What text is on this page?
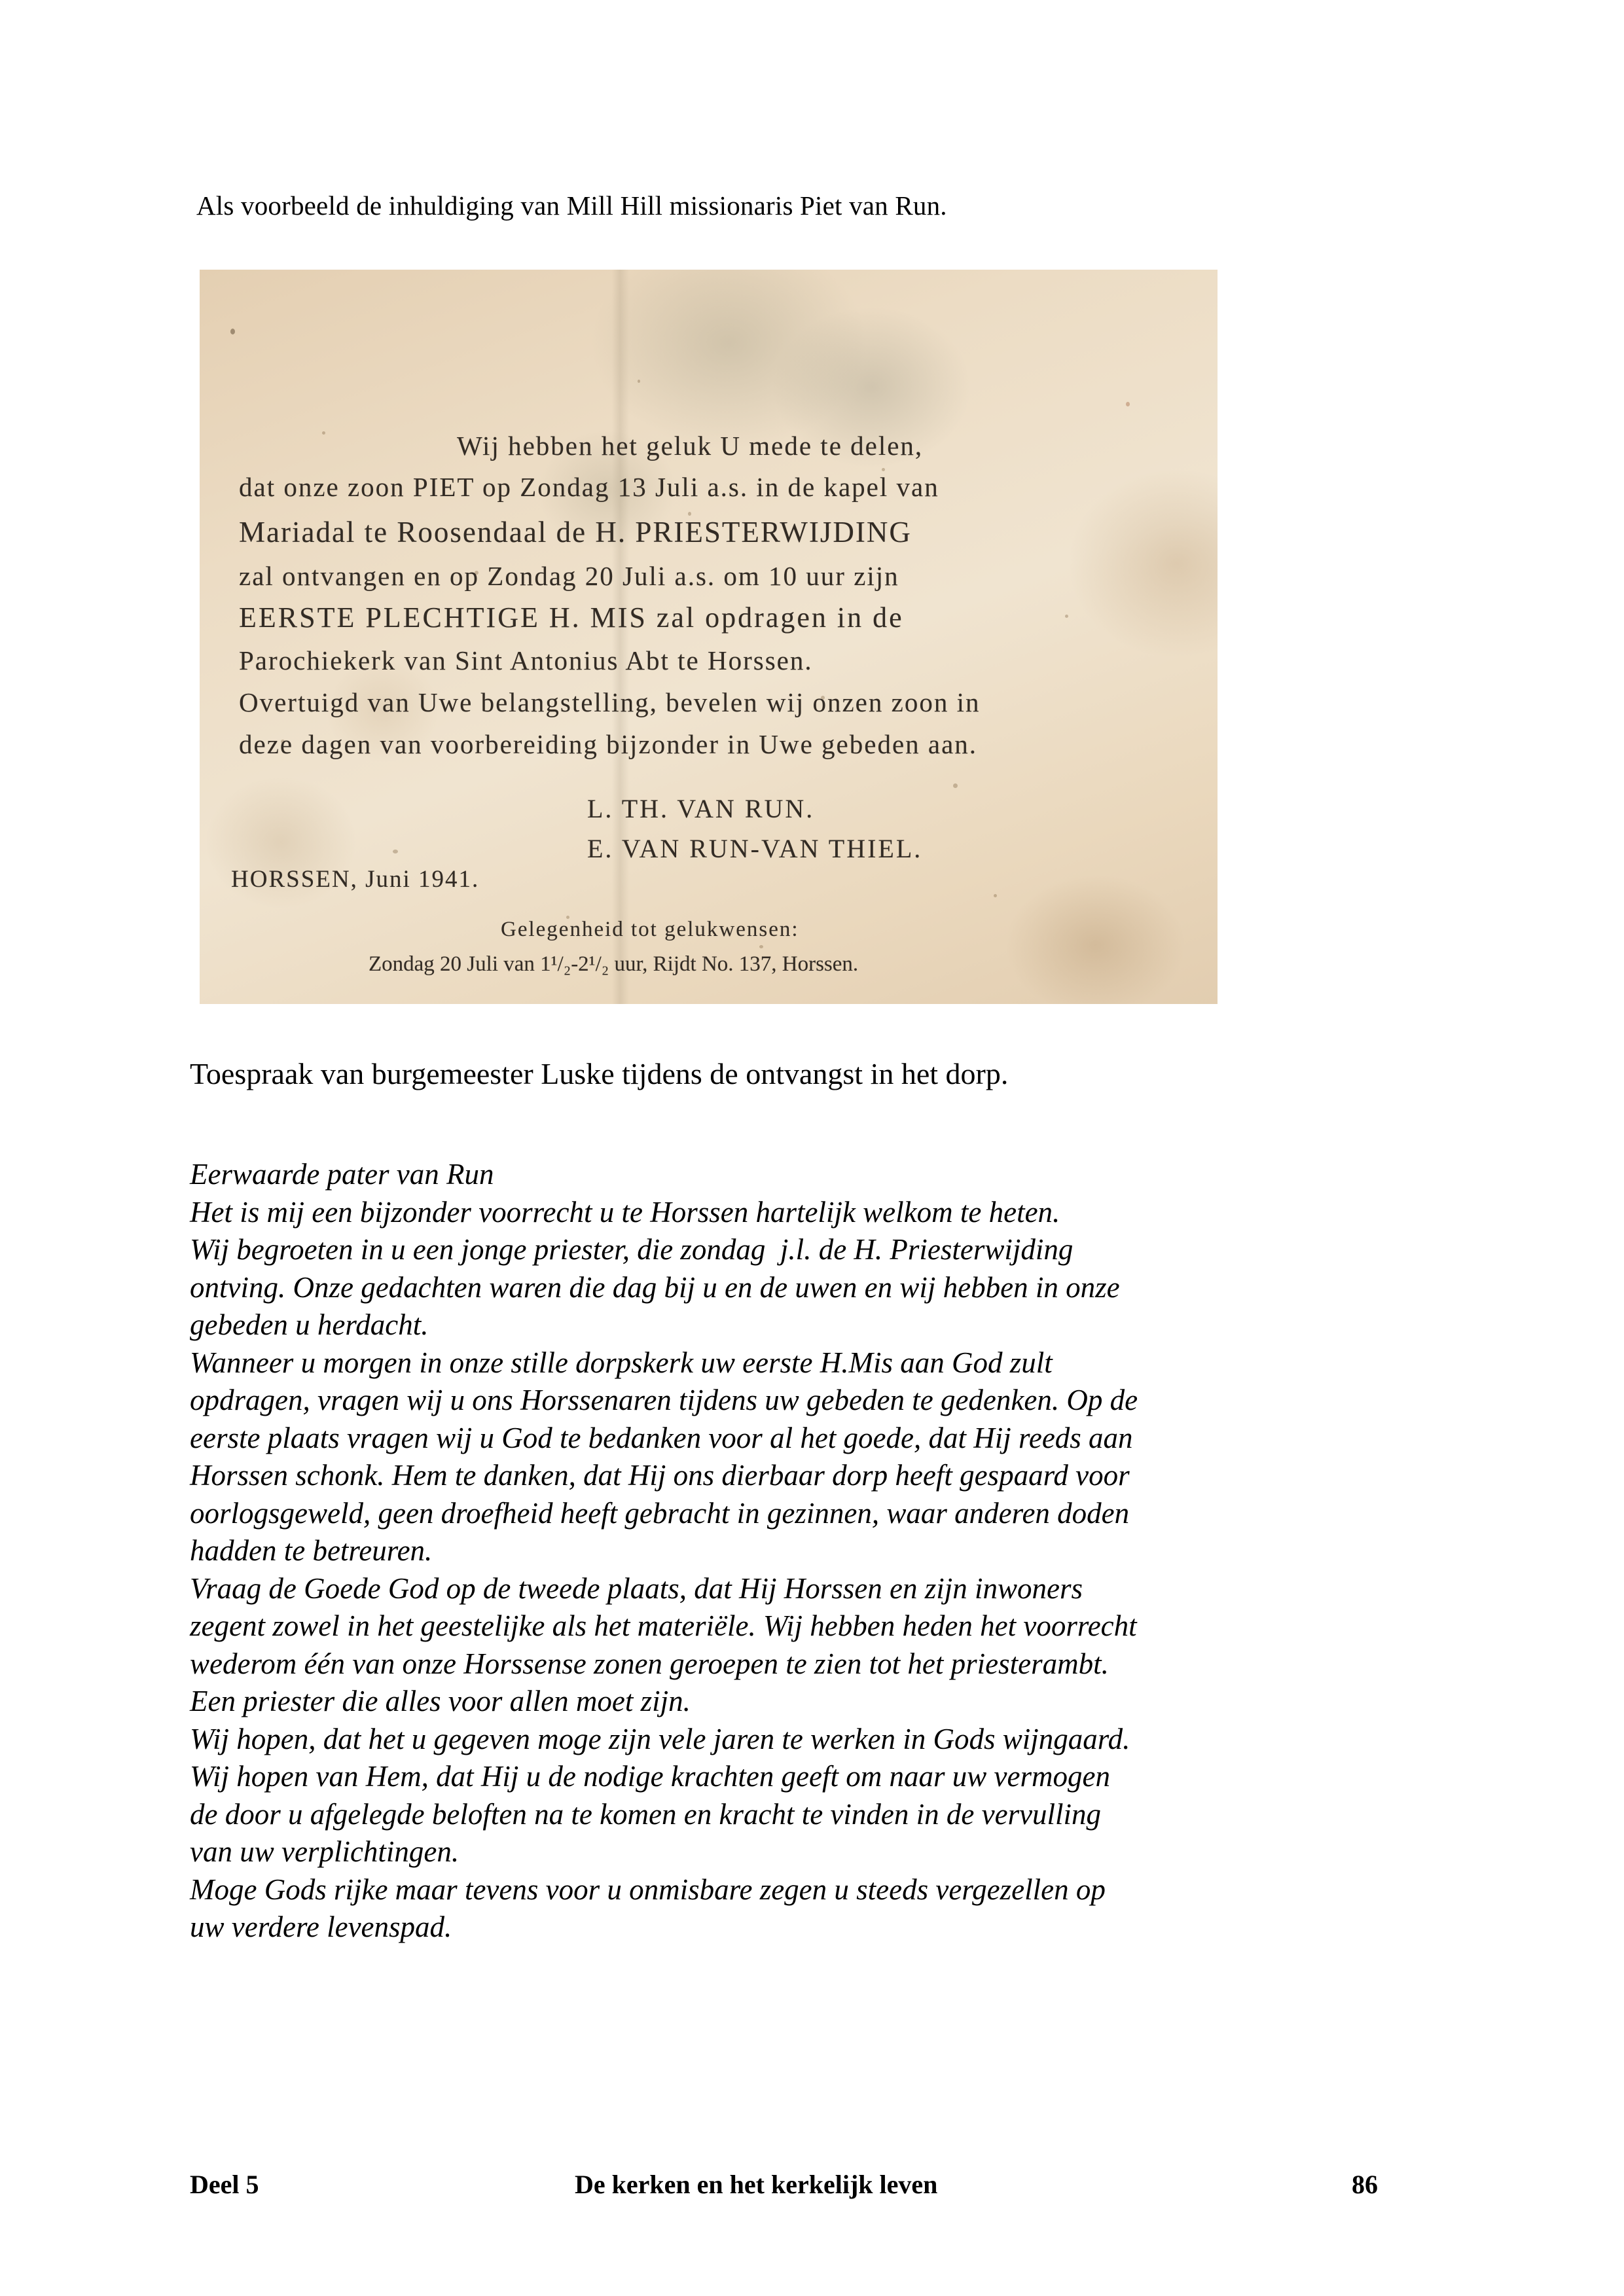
Als voorbeeld de inhuldiging van Mill Hill missionaris Piet van Run.
Wij hebben het geluk U mede te delen,
dat onze zoon PIET op Zondag 13 Juli a.s. in de kapel van
Mariadal te Roosendaal de H. PRIESTERWIJDING
zal ontvangen en op Zondag 20 Juli a.s. om 10 uur zijn
EERSTE PLECHTIGE H. MIS zal opdragen in de
Parochiekerk van Sint Antonius Abt te Horssen.
Overtuigd van Uwe belangstelling, bevelen wij onzen zoon in
deze dagen van voorbereiding bijzonder in Uwe gebeden aan.
L. TH. VAN RUN.
E. VAN RUN-VAN THIEL.
HORSSEN, Juni 1941.
Gelegenheid tot gelukwensen:
Zondag 20 Juli van 1¹/₂-2¹/₂ uur, Rijdt No. 137, Horssen.
Toespraak van burgemeester Luske tijdens de ontvangst in het dorp.
Eerwaarde pater van Run
Het is mij een bijzonder voorrecht u te Horssen hartelijk welkom te heten.
Wij begroeten in u een jonge priester, die zondag  j.l. de H. Priesterwijding
ontving. Onze gedachten waren die dag bij u en de uwen en wij hebben in onze
gebeden u herdacht.
Wanneer u morgen in onze stille dorpskerk uw eerste H.Mis aan God zult
opdragen, vragen wij u ons Horssenaren tijdens uw gebeden te gedenken. Op de
eerste plaats vragen wij u God te bedanken voor al het goede, dat Hij reeds aan
Horssen schonk. Hem te danken, dat Hij ons dierbaar dorp heeft gespaard voor
oorlogsgeweld, geen droefheid heeft gebracht in gezinnen, waar anderen doden
hadden te betreuren.
Vraag de Goede God op de tweede plaats, dat Hij Horssen en zijn inwoners
zegent zowel in het geestelijke als het materiële. Wij hebben heden het voorrecht
wederom één van onze Horssense zonen geroepen te zien tot het priesterambt.
Een priester die alles voor allen moet zijn.
Wij hopen, dat het u gegeven moge zijn vele jaren te werken in Gods wijngaard.
Wij hopen van Hem, dat Hij u de nodige krachten geeft om naar uw vermogen
de door u afgelegde beloften na te komen en kracht te vinden in de vervulling
van uw verplichtingen.
Moge Gods rijke maar tevens voor u onmisbare zegen u steeds vergezellen op
uw verdere levenspad.
Deel 5	De kerken en het kerkelijk leven	86
